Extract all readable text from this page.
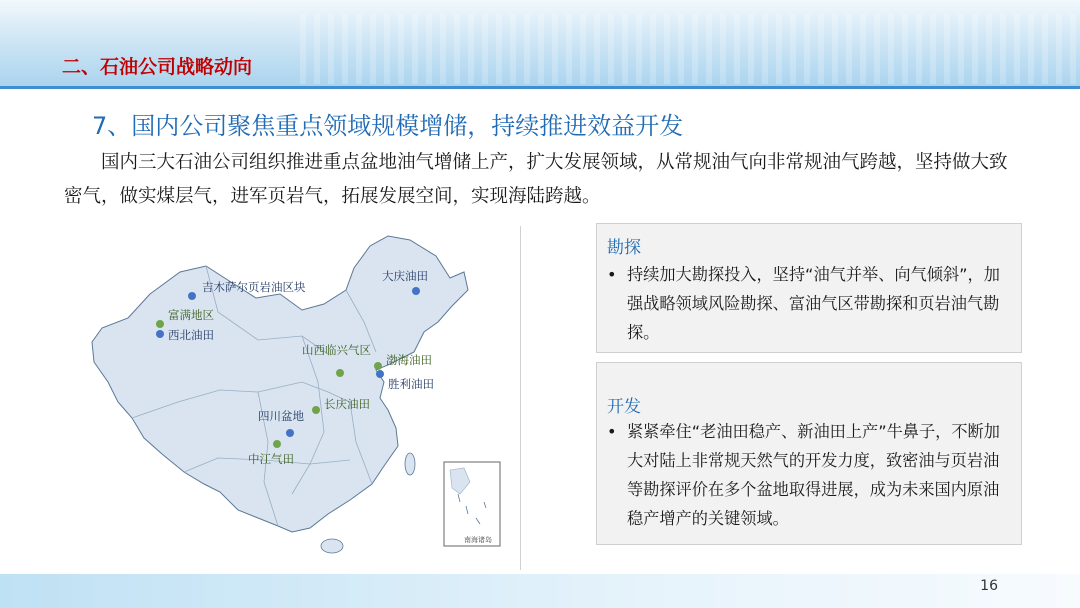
二、石油公司战略动向
7、国内公司聚焦重点领域规模增储，持续推进效益开发
国内三大石油公司组织推进重点盆地油气增储上产，扩大发展领域，从常规油气向非常规油气跨越，坚持做大致密气，做实煤层气，进军页岩气，拓展发展空间，实现海陆跨越。
吉木萨尔页岩油区块
富满地区
西北油田
大庆油田
山西临兴气区
渤海油田
胜利油田
长庆油田
四川盆地
中江气田
南海诸岛
勘探
• 持续加大勘探投入，坚持“油气并举、向气倾斜”，加强战略领域风险勘探、富油气区带勘探和页岩油气勘探。
开发
• 紧紧牵住“老油田稳产、新油田上产”牛鼻子，不断加大对陆上非常规天然气的开发力度，致密油与页岩油等勘探评价在多个盆地取得进展，成为未来国内原油稳产增产的关键领域。
16
